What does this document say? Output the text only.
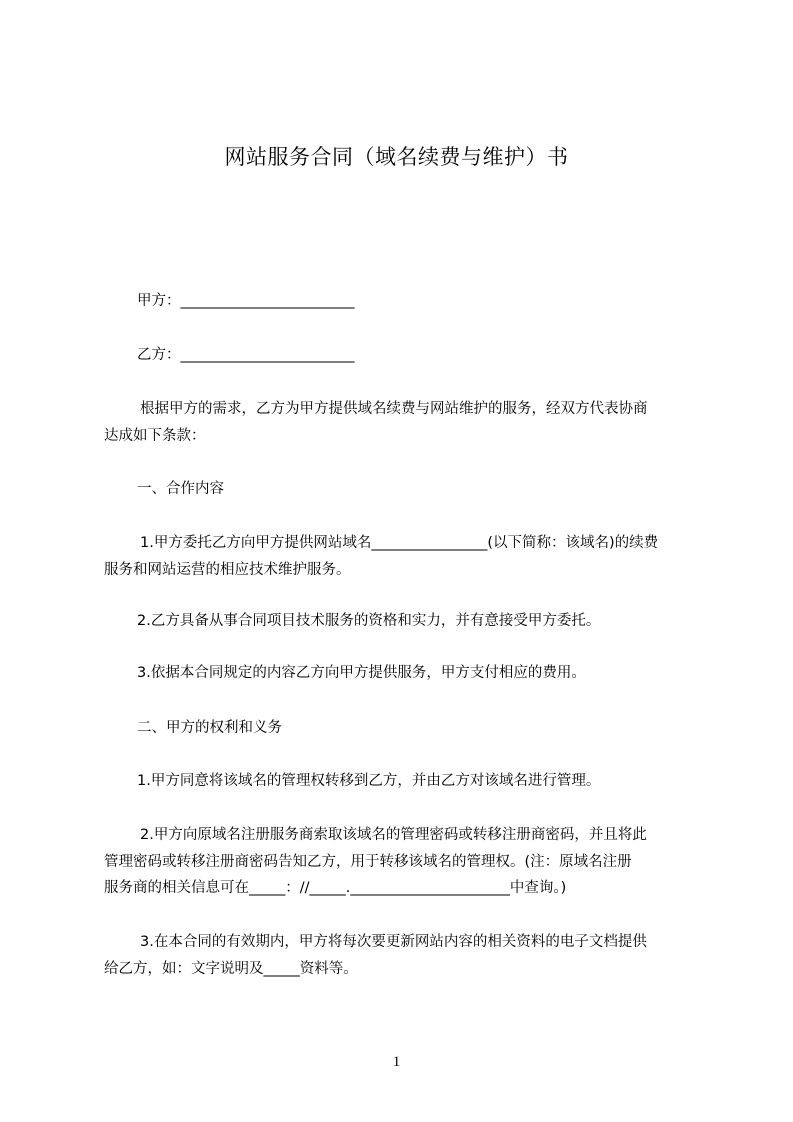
网站服务合同（域名续费与维护）书
甲方：________________________
乙方：________________________
根据甲方的需求，乙方为甲方提供域名续费与网站维护的服务，经双方代表协商
达成如下条款：
一、合作内容
1.甲方委托乙方向甲方提供网站域名________________(以下简称：该域名)的续费
服务和网站运营的相应技术维护服务。
2.乙方具备从事合同项目技术服务的资格和实力，并有意接受甲方委托。
3.依据本合同规定的内容乙方向甲方提供服务，甲方支付相应的费用。
二、甲方的权利和义务
1.甲方同意将该域名的管理权转移到乙方，并由乙方对该域名进行管理。
2.甲方向原域名注册服务商索取该域名的管理密码或转移注册商密码，并且将此
管理密码或转移注册商密码告知乙方，用于转移该域名的管理权。(注：原域名注册
服务商的相关信息可在_____：//_____.______________________中查询。)
3.在本合同的有效期内，甲方将每次要更新网站内容的相关资料的电子文档提供
给乙方，如：文字说明及_____资料等。
1
